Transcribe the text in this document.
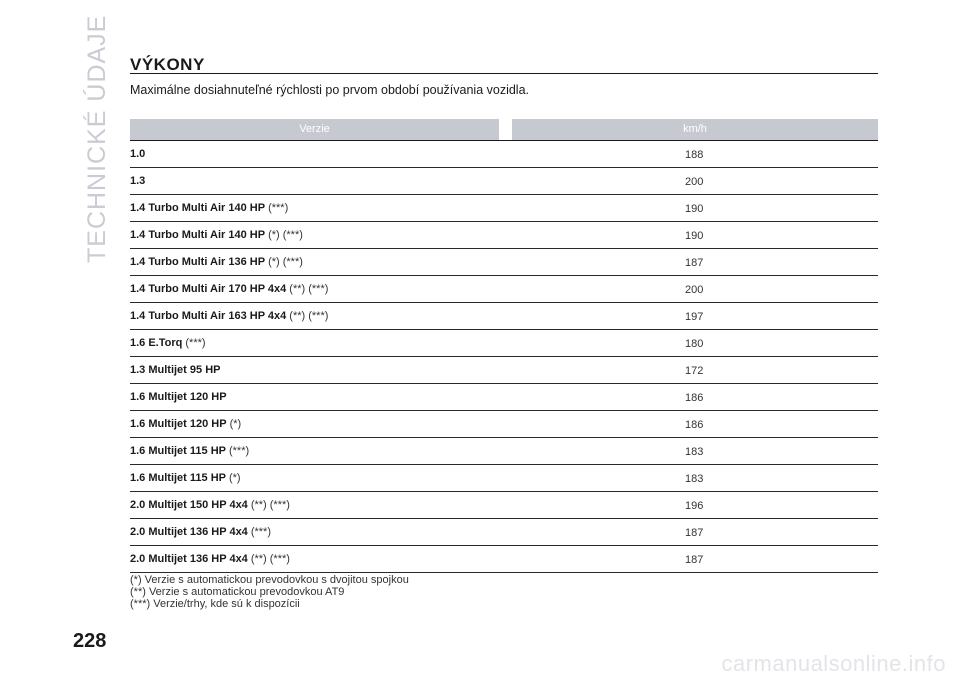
TECHNICKÉ ÚDAJE VÝKONY
Maximálne dosiahnuteľné rýchlosti po prvom období používania vozidla.
Verzie	km/h
1.0	188
1.3	200
1.4 Turbo Multi Air 140 HP (***)	190
1.4 Turbo Multi Air 140 HP (*) (***)	190
1.4 Turbo Multi Air 136 HP (*) (***)	187
1.4 Turbo Multi Air 170 HP 4x4 (**) (***)	200
1.4 Turbo Multi Air 163 HP 4x4 (**) (***)	197
1.6 E.Torq (***)	180
1.3 Multijet 95 HP	172
1.6 Multijet 120 HP	186
1.6 Multijet 120 HP (*)	186
1.6 Multijet 115 HP (***)	183
1.6 Multijet 115 HP (*)	183
2.0 Multijet 150 HP 4x4 (**) (***)	196
2.0 Multijet 136 HP 4x4 (***)	187
2.0 Multijet 136 HP 4x4 (**) (***)	187
(*) Verzie s automatickou prevodovkou s dvojitou spojkou
(**) Verzie s automatickou prevodovkou AT9
(***) Verzie/trhy, kde sú k dispozícii
228
carmanualsonline.info
